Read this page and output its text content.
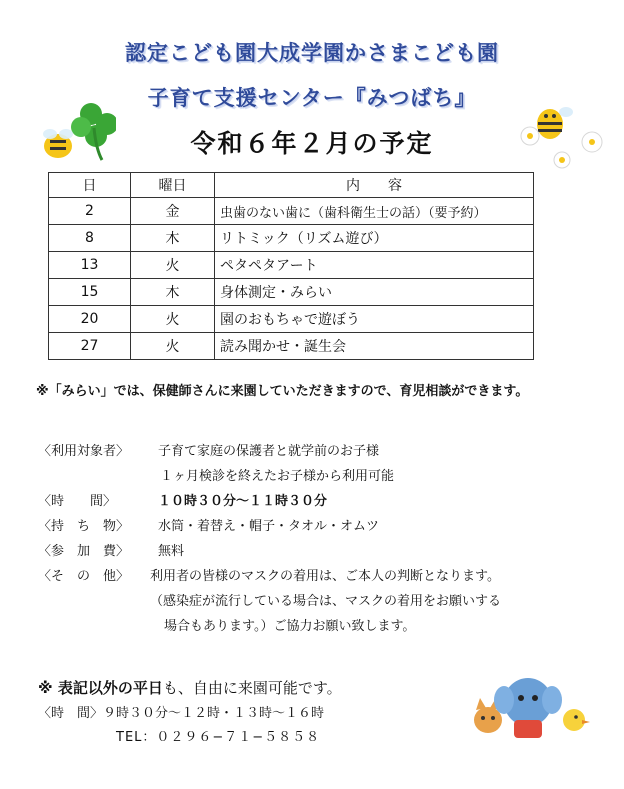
認定こども園大成学園かさまこども園
子育て支援センター『みつばち』
令和６年２月の予定
日	曜日	内　　容
2	金	虫歯のない歯に（歯科衛生士の話）（要予約）
8	木	リトミック（リズム遊び）
13	火	ペタペタアート
15	木	身体測定・みらい
20	火	園のおもちゃで遊ぼう
27	火	読み聞かせ・誕生会
※「みらい」では、保健師さんに来園していただきますので、育児相談ができます。
〈利用対象者〉 子育て家庭の保護者と就学前のお子様
１ヶ月検診を終えたお子様から利用可能
〈時　　間〉	１０時３０分～１１時３０分
〈持　ち　物〉 水筒・着替え・帽子・タオル・オムツ
〈参　加　費〉 無料
〈そ　の　他〉 利用者の皆様のマスクの着用は、ご本人の判断となります。
（感染症が流行している場合は、マスクの着用をお願いする
場合もあります。）ご協力お願い致します。
※ 表記以外の平日も、自由に来園可能です。
〈時　間〉９時３０分～１２時・１３時～１６時
TEL：０２９６−７１−５８５８
